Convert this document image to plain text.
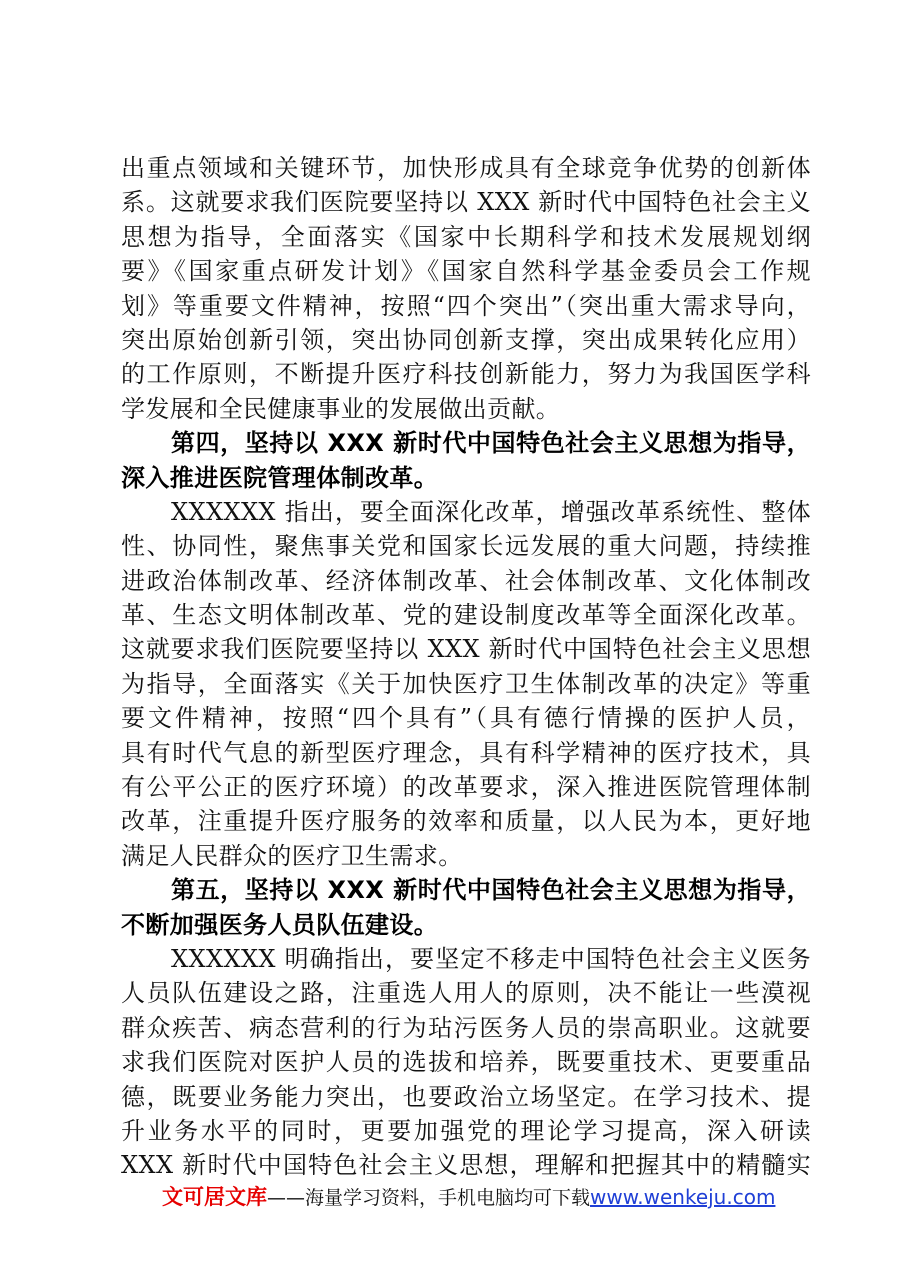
出重点领域和关键环节，加快形成具有全球竞争优势的创新体
系。这就要求我们医院要坚持以 XXX 新时代中国特色社会主义
思想为指导，全面落实《国家中长期科学和技术发展规划纲
要》《国家重点研发计划》《国家自然科学基金委员会工作规
划》等重要文件精神，按照“四个突出”（突出重大需求导向，
突出原始创新引领，突出协同创新支撑，突出成果转化应用）
的工作原则，不断提升医疗科技创新能力，努力为我国医学科
学发展和全民健康事业的发展做出贡献。
第四，坚持以 XXX 新时代中国特色社会主义思想为指导，
深入推进医院管理体制改革。
XXXXXX 指出，要全面深化改革，增强改革系统性、整体
性、协同性，聚焦事关党和国家长远发展的重大问题，持续推
进政治体制改革、经济体制改革、社会体制改革、文化体制改
革、生态文明体制改革、党的建设制度改革等全面深化改革。
这就要求我们医院要坚持以 XXX 新时代中国特色社会主义思想
为指导，全面落实《关于加快医疗卫生体制改革的决定》等重
要文件精神，按照“四个具有”（具有德行情操的医护人员，
具有时代气息的新型医疗理念，具有科学精神的医疗技术，具
有公平公正的医疗环境）的改革要求，深入推进医院管理体制
改革，注重提升医疗服务的效率和质量，以人民为本，更好地
满足人民群众的医疗卫生需求。
第五，坚持以 XXX 新时代中国特色社会主义思想为指导，
不断加强医务人员队伍建设。
XXXXXX 明确指出，要坚定不移走中国特色社会主义医务
人员队伍建设之路，注重选人用人的原则，决不能让一些漠视
群众疾苦、病态营利的行为玷污医务人员的崇高职业。这就要
求我们医院对医护人员的选拔和培养，既要重技术、更要重品
德，既要业务能力突出，也要政治立场坚定。在学习技术、提
升业务水平的同时，更要加强党的理论学习提高，深入研读
XXX 新时代中国特色社会主义思想，理解和把握其中的精髓实
文可居文库——海量学习资料，手机电脑均可下载www.wenkeju.com
